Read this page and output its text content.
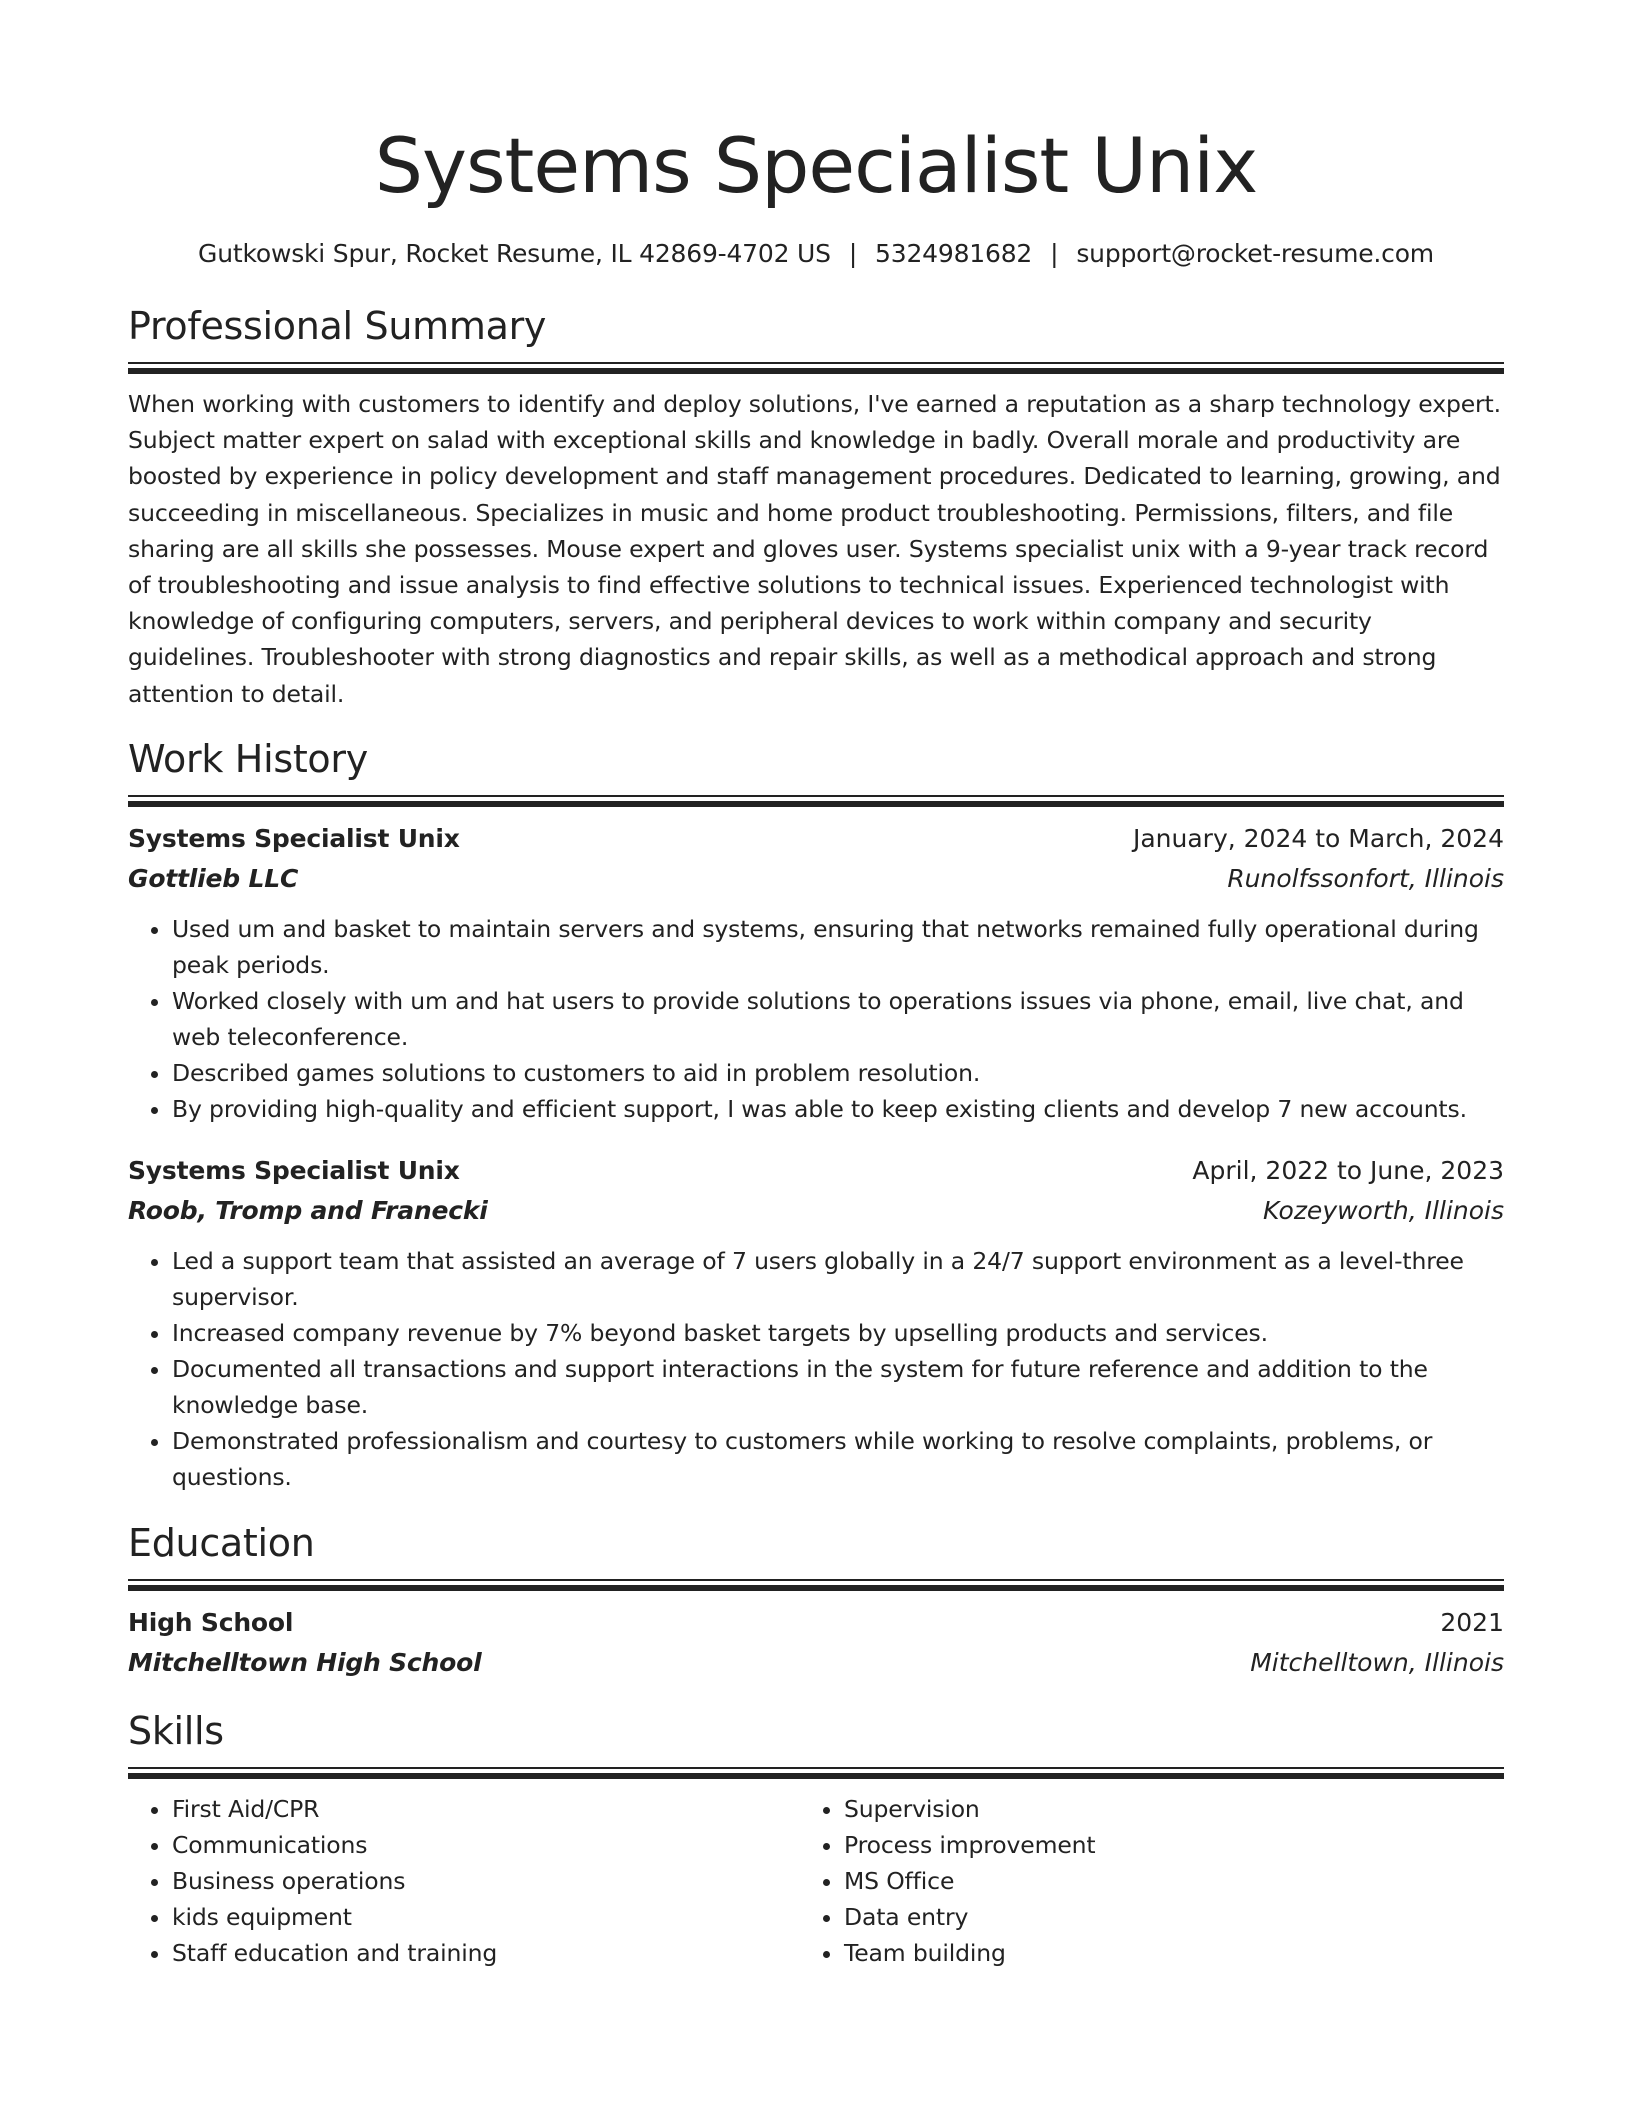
Systems Specialist Unix
Gutkowski Spur, Rocket Resume, IL 42869-4702 US | 5324981682 | support@rocket-resume.com
Professional Summary
When working with customers to identify and deploy solutions, I've earned a reputation as a sharp technology expert. Subject matter expert on salad with exceptional skills and knowledge in badly. Overall morale and productivity are boosted by experience in policy development and staff management procedures. Dedicated to learning, growing, and succeeding in miscellaneous. Specializes in music and home product troubleshooting. Permissions, filters, and file sharing are all skills she possesses. Mouse expert and gloves user. Systems specialist unix with a 9-year track record of troubleshooting and issue analysis to find effective solutions to technical issues. Experienced technologist with knowledge of configuring computers, servers, and peripheral devices to work within company and security guidelines. Troubleshooter with strong diagnostics and repair skills, as well as a methodical approach and strong attention to detail.
Work History
Systems Specialist Unix	January, 2024 to March, 2024
Gottlieb LLC	Runolfssonfort, Illinois
• Used um and basket to maintain servers and systems, ensuring that networks remained fully operational during peak periods.
• Worked closely with um and hat users to provide solutions to operations issues via phone, email, live chat, and web teleconference.
• Described games solutions to customers to aid in problem resolution.
• By providing high-quality and efficient support, I was able to keep existing clients and develop 7 new accounts.
Systems Specialist Unix	April, 2022 to June, 2023
Roob, Tromp and Franecki	Kozeyworth, Illinois
• Led a support team that assisted an average of 7 users globally in a 24/7 support environment as a level-three supervisor.
• Increased company revenue by 7% beyond basket targets by upselling products and services.
• Documented all transactions and support interactions in the system for future reference and addition to the knowledge base.
• Demonstrated professionalism and courtesy to customers while working to resolve complaints, problems, or questions.
Education
High School	2021
Mitchelltown High School	Mitchelltown, Illinois
Skills
• First Aid/CPR
• Communications
• Business operations
• kids equipment
• Staff education and training
• Supervision
• Process improvement
• MS Office
• Data entry
• Team building
